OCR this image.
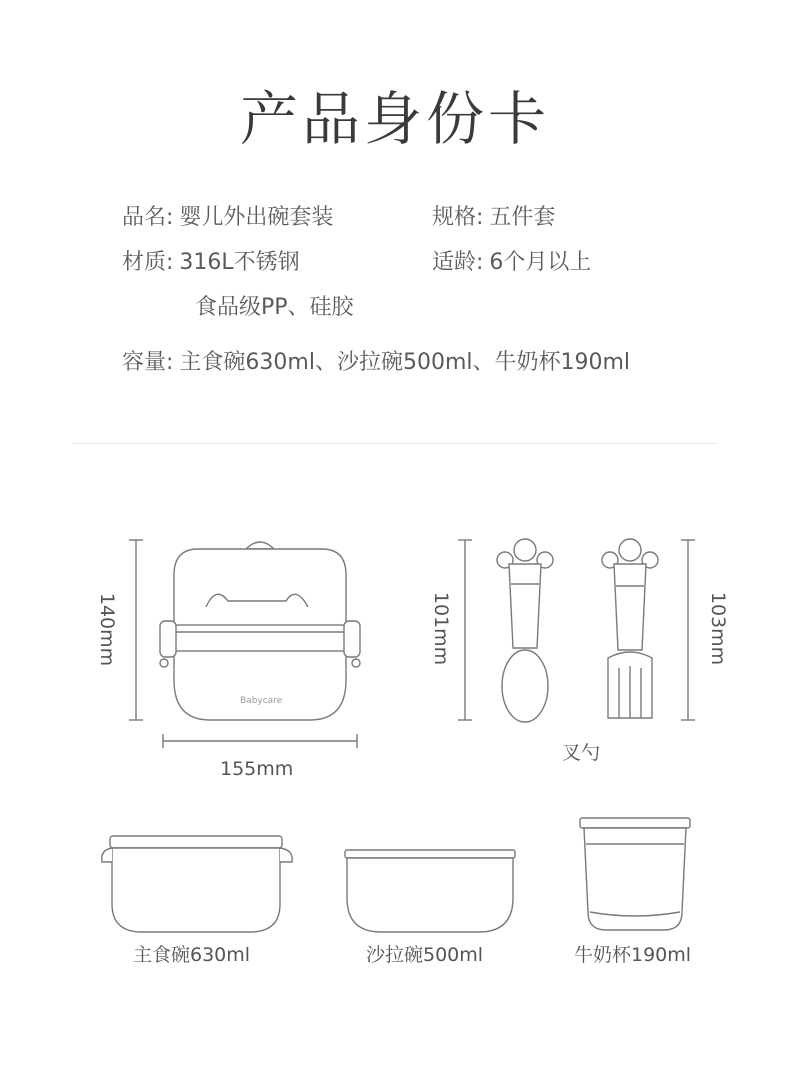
产品身份卡
品名: 婴儿外出碗套装	规格: 五件套
材质: 316L不锈钢	适龄: 6个月以上
食品级PP、硅胶
容量: 主食碗630ml、沙拉碗500ml、牛奶杯190ml
Babycare
140mm
155mm
101mm	103mm
叉勺
主食碗630ml	沙拉碗500ml	牛奶杯190ml
